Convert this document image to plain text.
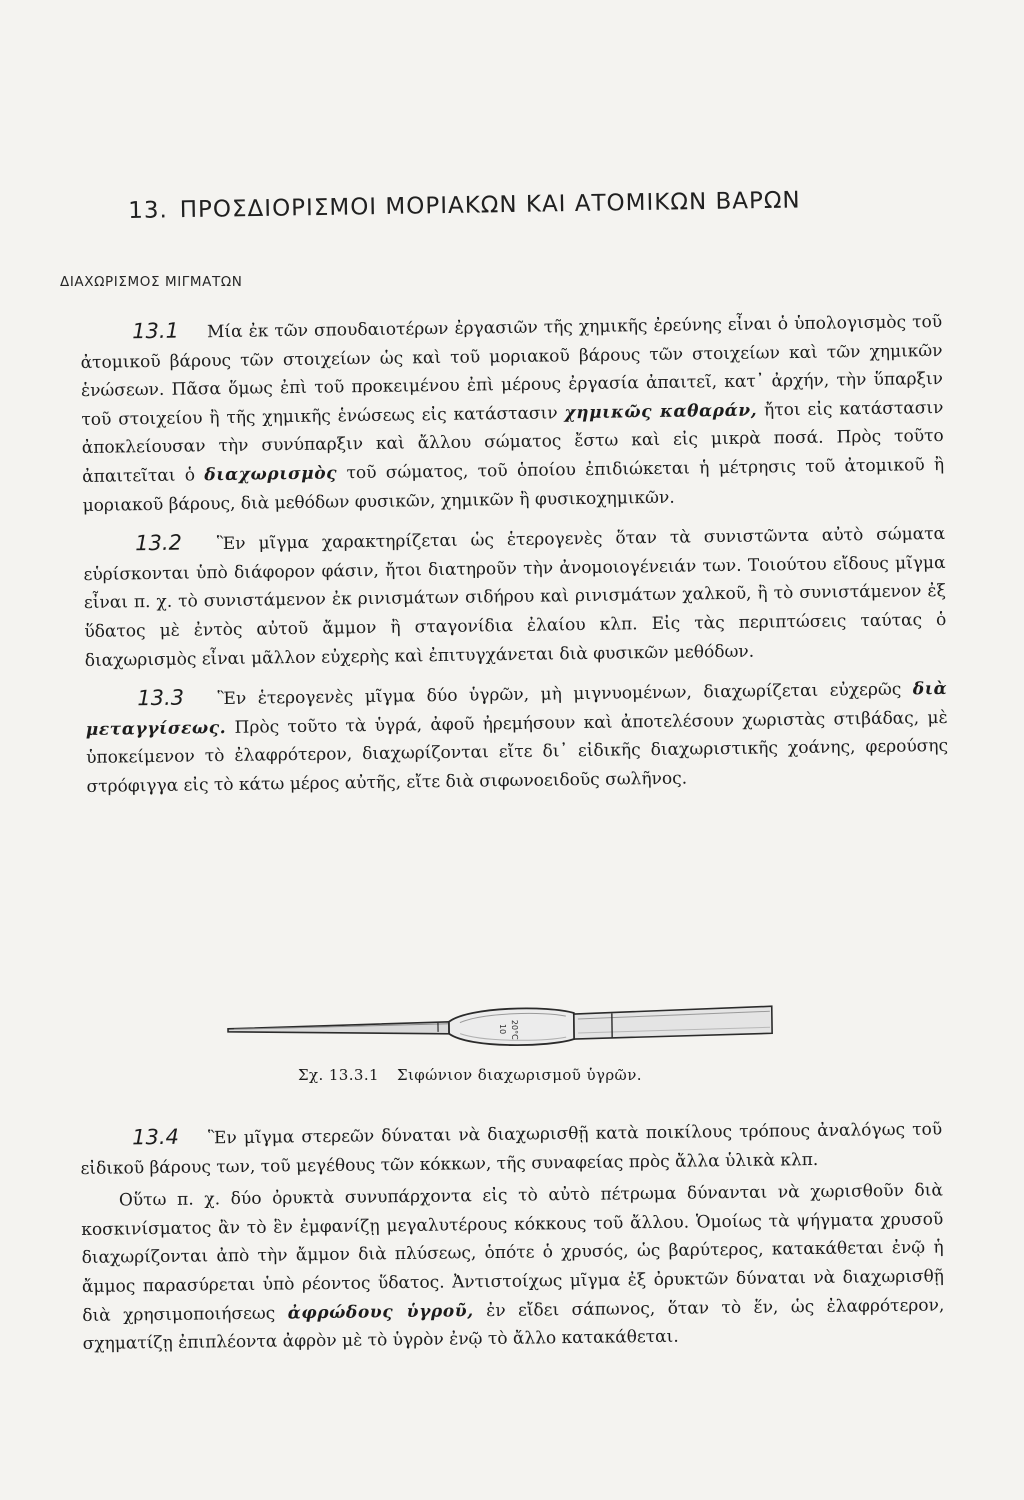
13. ΠΡΟΣΔΙΟΡΙΣΜΟΙ ΜΟΡΙΑΚΩΝ ΚΑΙ ΑΤΟΜΙΚΩΝ ΒΑΡΩΝ
ΔΙΑΧΩΡΙΣΜΟΣ ΜΙΓΜΑΤΩΝ

13.1 Μία ἐκ τῶν σπουδαιοτέρων ἐργασιῶν τῆς χημικῆς ἐρεύνης εἶναι ὁ ὑπολογισμὸς τοῦ ἀτομικοῦ βάρους τῶν στοιχείων ὡς καὶ τοῦ μοριακοῦ βάρους τῶν στοιχείων καὶ τῶν χημικῶν ἑνώσεων. Πᾶσα ὅμως ἐπὶ τοῦ προκειμένου ἐπὶ μέρους ἐργασία ἀπαιτεῖ, κατ᾽ ἀρχήν, τὴν ὕπαρξιν τοῦ στοιχείου ἢ τῆς χημικῆς ἑνώσεως εἰς κατάστασιν χημικῶς καθαράν, ἤτοι εἰς κατάστασιν ἀποκλείουσαν τὴν συνύπαρξιν καὶ ἄλλου σώματος ἔστω καὶ εἰς μικρὰ ποσά. Πρὸς τοῦτο ἀπαιτεῖται ὁ διαχωρισμὸς τοῦ σώματος, τοῦ ὁποίου ἐπιδιώκεται ἡ μέτρησις τοῦ ἀτομικοῦ ἢ μοριακοῦ βάρους, διὰ μεθόδων φυσικῶν, χημικῶν ἢ φυσικοχημικῶν.

13.2 Ἓν μῖγμα χαρακτηρίζεται ὡς ἑτερογενὲς ὅταν τὰ συνιστῶντα αὐτὸ σώματα εὑρίσκονται ὑπὸ διάφορον φάσιν, ἤτοι διατηροῦν τὴν ἀνομοιογένειάν των. Τοιούτου εἴδους μῖγμα εἶναι π. χ. τὸ συνιστάμενον ἐκ ρινισμάτων σιδήρου καὶ ρινισμάτων χαλκοῦ, ἢ τὸ συνιστάμενον ἐξ ὕδατος μὲ ἐντὸς αὐτοῦ ἄμμον ἢ σταγονίδια ἐλαίου κλπ. Εἰς τὰς περιπτώσεις ταύτας ὁ διαχωρισμὸς εἶναι μᾶλλον εὐχερὴς καὶ ἐπιτυγχάνεται διὰ φυσικῶν μεθόδων.

13.3 Ἓν ἑτερογενὲς μῖγμα δύο ὑγρῶν, μὴ μιγνυομένων, διαχωρίζεται εὐχερῶς διὰ μεταγγίσεως. Πρὸς τοῦτο τὰ ὑγρά, ἀφοῦ ἠρεμήσουν καὶ ἀποτελέσουν χωριστὰς στιβάδας, μὲ ὑποκείμενον τὸ ἐλαφρότερον, διαχωρίζονται εἴτε δι᾽ εἰδικῆς διαχωριστικῆς χοάνης, φερούσης στρόφιγγα εἰς τὸ κάτω μέρος αὐτῆς, εἴτε διὰ σιφωνοειδοῦς σωλῆνος.

10 20°C
Σχ. 13.3.1 Σιφώνιον διαχωρισμοῦ ὑγρῶν.

13.4 Ἓν μῖγμα στερεῶν δύναται νὰ διαχωρισθῇ κατὰ ποικίλους τρόπους ἀναλόγως τοῦ εἰδικοῦ βάρους των, τοῦ μεγέθους τῶν κόκκων, τῆς συναφείας πρὸς ἄλλα ὑλικὰ κλπ.

Οὕτω π. χ. δύο ὀρυκτὰ συνυπάρχοντα εἰς τὸ αὐτὸ πέτρωμα δύνανται νὰ χωρισθοῦν διὰ κοσκινίσματος ἂν τὸ ἓν ἐμφανίζῃ μεγαλυτέρους κόκκους τοῦ ἄλλου. Ὁμοίως τὰ ψήγματα χρυσοῦ διαχωρίζονται ἀπὸ τὴν ἄμμον διὰ πλύσεως, ὁπότε ὁ χρυσός, ὡς βαρύτερος, κατακάθεται ἐνῷ ἡ ἄμμος παρασύρεται ὑπὸ ρέοντος ὕδατος. Ἀντιστοίχως μῖγμα ἐξ ὀρυκτῶν δύναται νὰ διαχωρισθῇ διὰ χρησιμοποιήσεως ἀφρώδους ὑγροῦ, ἐν εἴδει σάπωνος, ὅταν τὸ ἕν, ὡς ἐλαφρότερον, σχηματίζῃ ἐπιπλέοντα ἀφρὸν μὲ τὸ ὑγρὸν ἐνῷ τὸ ἄλλο κατακάθεται.
